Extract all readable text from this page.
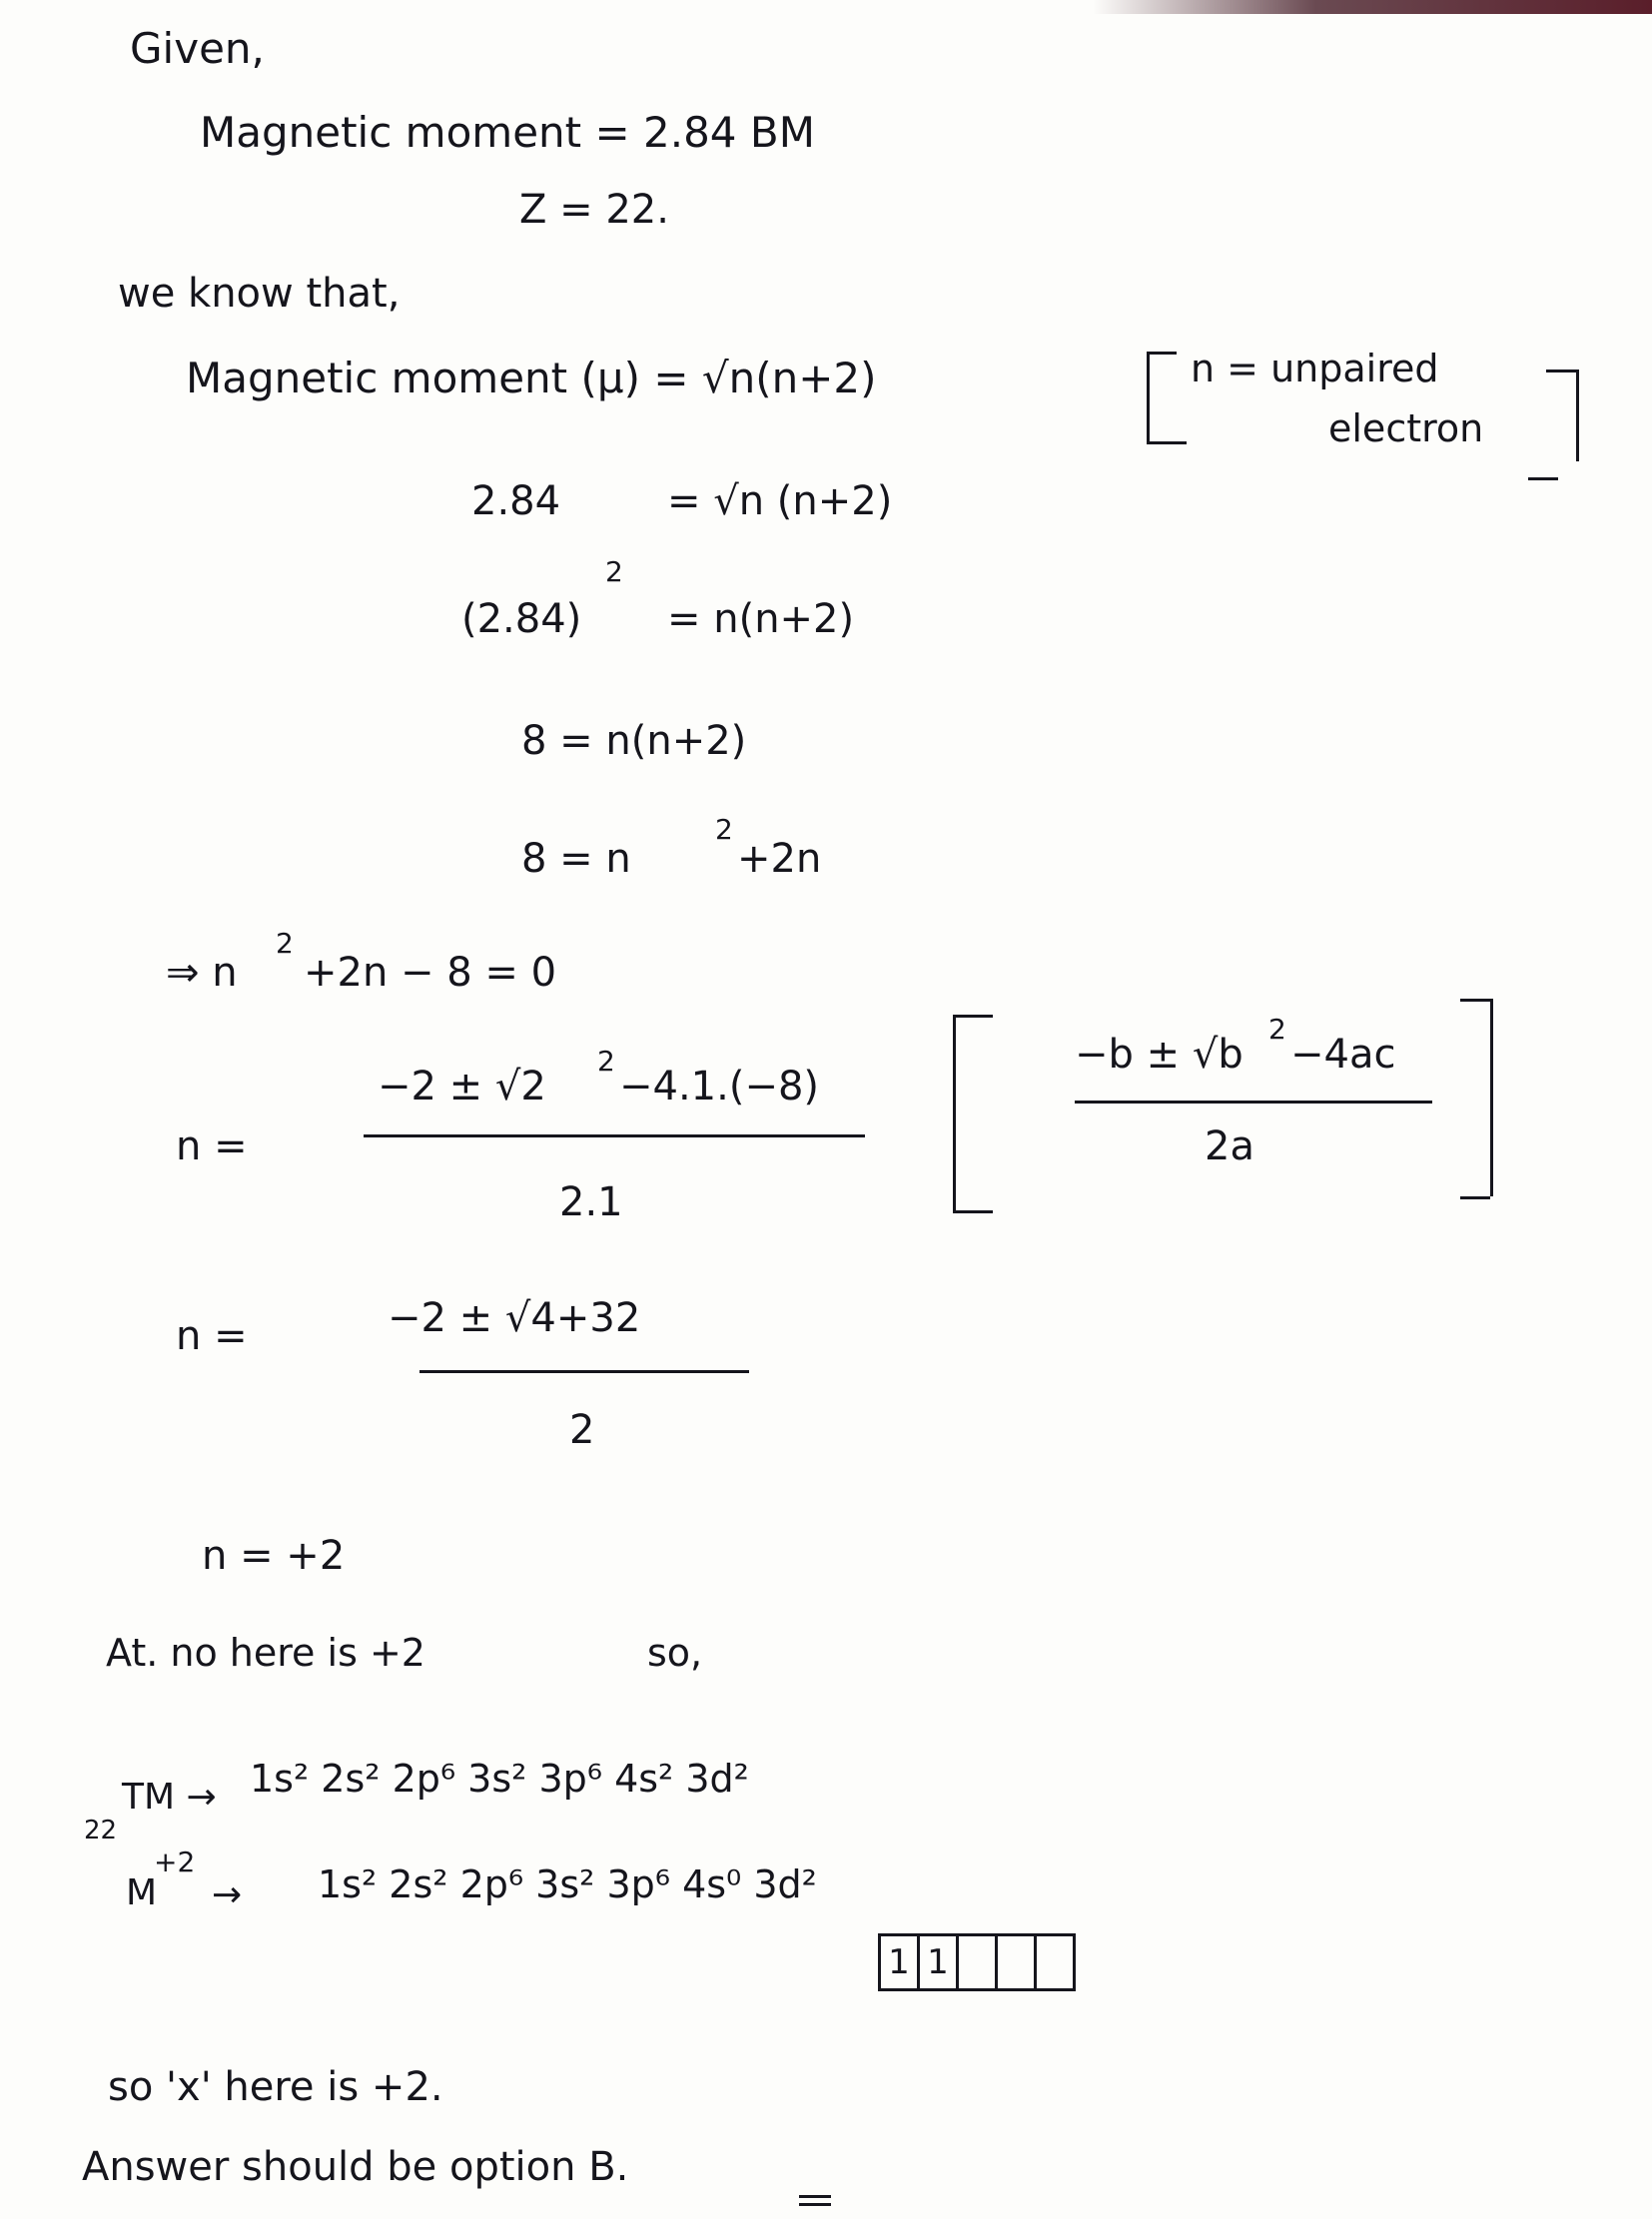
Given,
Magnetic moment = 2.84 BM
Z = 22.
we know that,
Magnetic moment (μ) = √n(n+2)	n = unpaired
electron
2.84	= √n (n+2)
(2.84)
2
= n(n+2)
8 = n(n+2)
8 = n
2
+2n
⇒ n
2
+2n − 8 = 0
n =
−2 ± √2
2
−4.1.(−8)
2.1
−b ± √b
2
−4ac
2a
n =	−2 ± √4+32
2
n = +2
At. no here is +2	so,
22
TM → 1s² 2s² 2p⁶ 3s² 3p⁶ 4s² 3d²
M
+2
→ 1s² 2s² 2p⁶ 3s² 3p⁶ 4s⁰ 3d²
1 1
so 'x' here is +2.
Answer should be option B.
